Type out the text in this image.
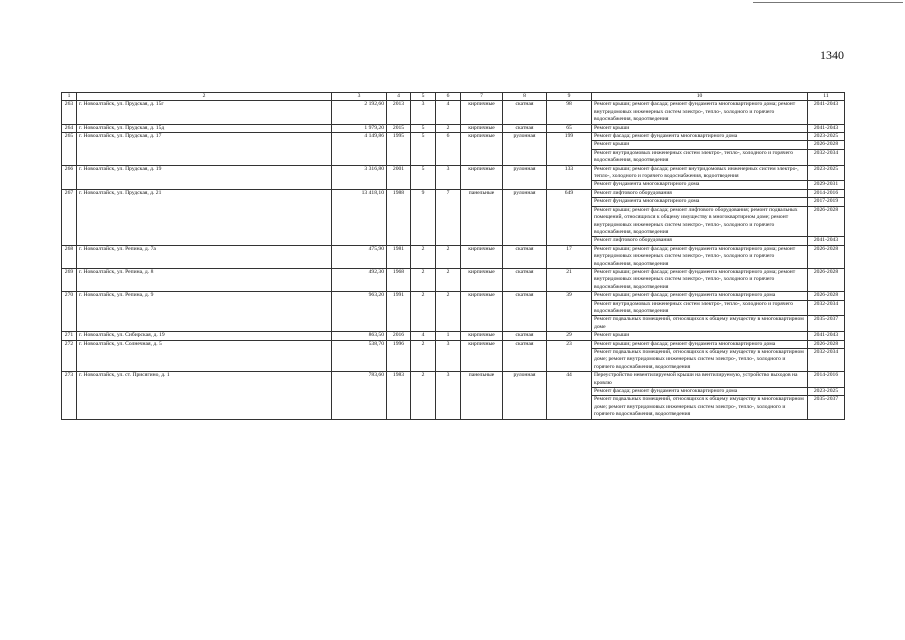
1340
1	2	3	4	5	6	7	8	9	10	11
263	г. Новоалтайск, ул. Прудская, д. 15г	2 192,60	2013	3	4	кирпичные	скатная	98	Ремонт крыши; ремонт фасада; ремонт фундамента многоквартирного дома; ремонт внутридомовых инженерных систем электро-, тепло-, холодного и горячего водоснабжения, водоотведения	2041-2043
264	г. Новоалтайск, ул. Прудская, д. 15д	1 979,20	2015	5	2	кирпичные	скатная	65	Ремонт крыши	2041-2043
265	г. Новоалтайск, ул. Прудская, д. 17	4 149,86	1995	5	6	кирпичные	рулонная	199	Ремонт фасада; ремонт фундамента многоквартирного дома	2023-2025
									Ремонт крыши	2026-2028
									Ремонт внутридомовых инженерных систем электро-, тепло-, холодного и горячего водоснабжения, водоотведения	2032-2034
266	г. Новоалтайск, ул. Прудская, д. 19	3 316,80	2001	5	3	кирпичные	рулонная	133	Ремонт крыши; ремонт фасада; ремонт внутридомовых инженерных систем электро-, тепло-, холодного и горячего водоснабжения, водоотведения	2023-2025
									Ремонт фундамента многоквартирного дома	2029-2031
267	г. Новоалтайск, ул. Прудская, д. 21	13 418,10	1988	9	7	панельные	рулонная	649	Ремонт лифтового оборудования	2014-2016
									Ремонт фундамента многоквартирного дома	2017-2019
									Ремонт крыши; ремонт фасада; ремонт лифтового оборудования; ремонт подвальных помещений, относящихся к общему имуществу в многоквартирном доме; ремонт внутридомовых инженерных систем электро-, тепло-, холодного и горячего водоснабжения, водоотведения	2026-2028
									Ремонт лифтового оборудования	2041-2043
268	г. Новоалтайск, ул. Репина, д. 7а	475,90	1981	2	2	кирпичные	скатная	17	Ремонт крыши; ремонт фасада; ремонт фундамента многоквартирного дома; ремонт внутридомовых инженерных систем электро-, тепло-, холодного и горячего водоснабжения, водоотведения	2026-2028
269	г. Новоалтайск, ул. Репина, д. 8	492,30	1968	2	2	кирпичные	скатная	21	Ремонт крыши; ремонт фасада; ремонт фундамента многоквартирного дома; ремонт внутридомовых инженерных систем электро-, тепло-, холодного и горячего водоснабжения, водоотведения	2026-2028
270	г. Новоалтайск, ул. Репина, д. 9	963,20	1991	2	2	кирпичные	скатная	39	Ремонт крыши; ремонт фасада; ремонт фундамента многоквартирного дома	2026-2028
									Ремонт внутридомовых инженерных систем электро-, тепло-, холодного и горячего водоснабжения, водоотведения	2032-2034
									Ремонт подвальных помещений, относящихся к общему имуществу в многоквартирном доме	2035-2037
271	г. Новоалтайск, ул. Сибирская, д. 19	863,50	2016	4	1	кирпичные	скатная	29	Ремонт крыши	2041-2043
272	г. Новоалтайск, ул. Солнечная, д. 5	538,70	1996	2	3	кирпичные	скатная	23	Ремонт крыши; ремонт фасада; ремонт фундамента многоквартирного дома	2026-2028
									Ремонт подвальных помещений, относящихся к общему имуществу в многоквартирном доме; ремонт внутридомовых инженерных систем электро-, тепло-, холодного и горячего водоснабжения, водоотведения	2032-2034
273	г. Новоалтайск, ул. ст. Присягино, д. 1	783,60	1983	2	3	панельные	рулонная	44	Переустройство невентилируемой крыши на вентилируемую, устройство выходов на кровлю	2014-2016
									Ремонт фасада; ремонт фундамента многоквартирного дома	2023-2025
									Ремонт подвальных помещений, относящихся к общему имуществу в многоквартирном доме; ремонт внутридомовых инженерных систем электро-, тепло-, холодного и горячего водоснабжения, водоотведения	2035-2037
